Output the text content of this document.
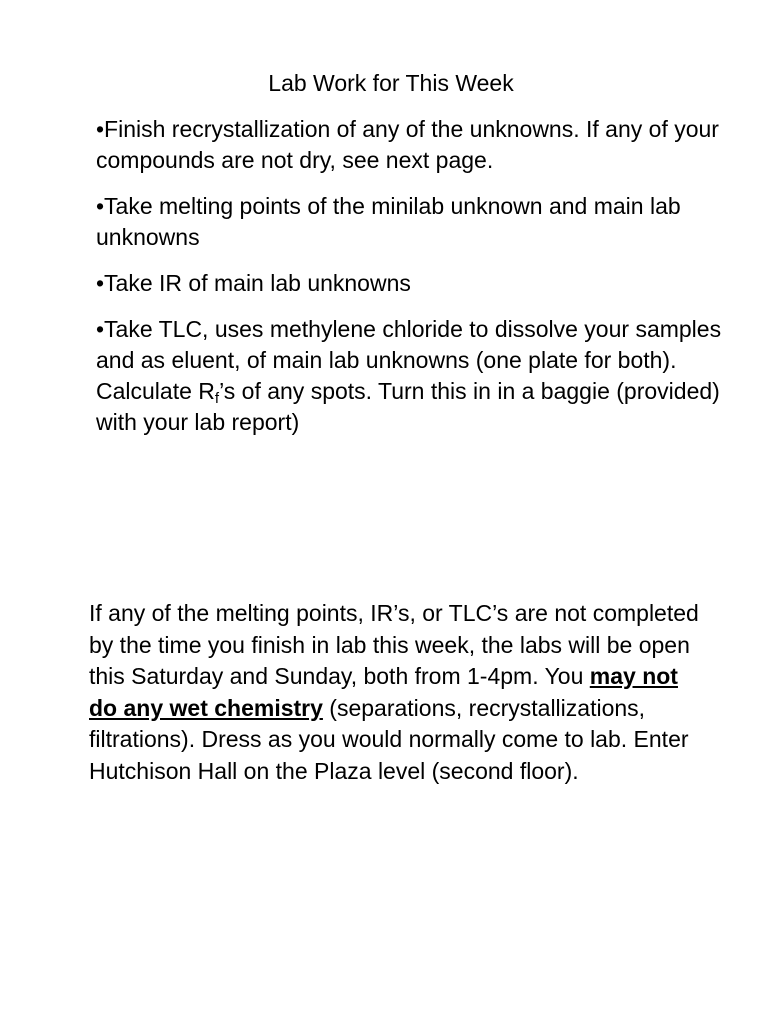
Lab Work for This Week
•Finish recrystallization of any of the unknowns. If any of your compounds are not dry, see next page.
•Take melting points of the minilab unknown and main lab unknowns
•Take IR of main lab unknowns
•Take TLC, uses methylene chloride to dissolve your samples and as eluent, of main lab unknowns (one plate for both). Calculate $R_f’s$ of any spots. Turn this in in a baggie (provided) with your lab report)

If any of the melting points, IR’s, or TLC’s are not completed by the time you finish in lab this week, the labs will be open this Saturday and Sunday, both from 1-4pm. You may not do any wet chemistry (separations, recrystallizations, filtrations). Dress as you would normally come to lab. Enter Hutchison Hall on the Plaza level (second floor).
